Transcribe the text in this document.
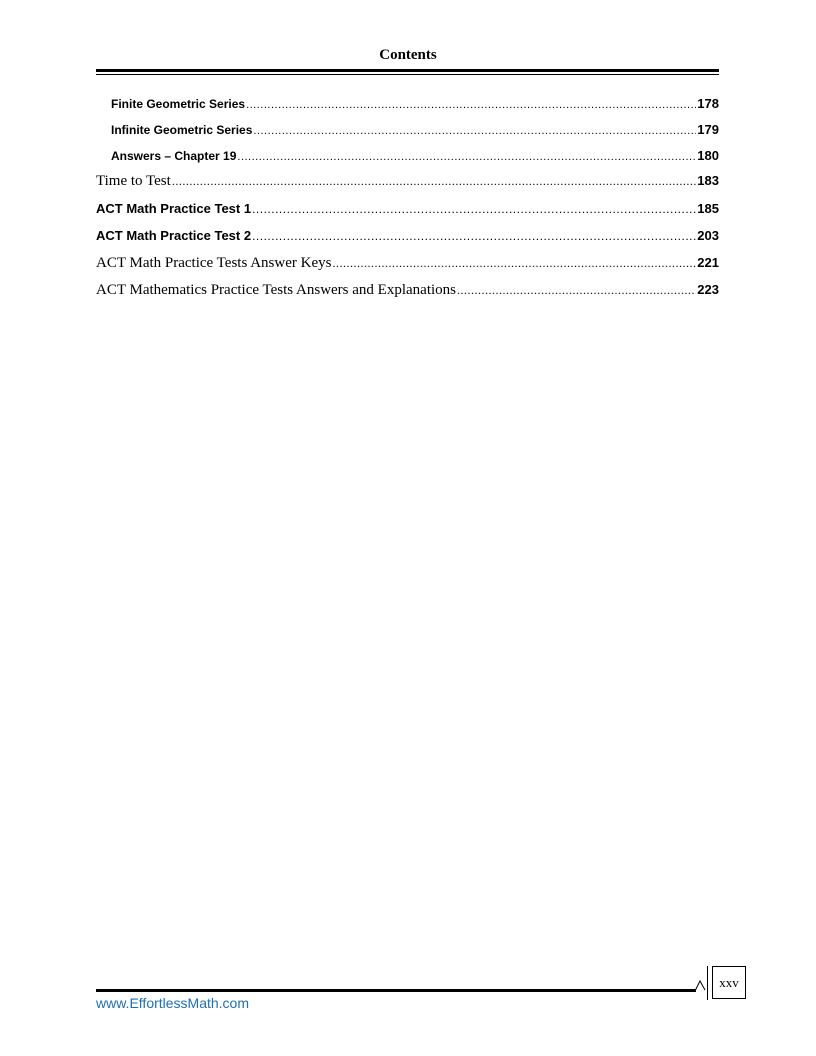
Contents
Finite Geometric Series .....	178
Infinite Geometric Series .....	179
Answers – Chapter 19 .....	180
Time to Test .....	183
ACT Math Practice Test 1 .....	185
ACT Math Practice Test 2 .....	203
ACT Math Practice Tests Answer Keys .....	221
ACT Mathematics Practice Tests Answers and Explanations .....	223
xxv
www.EffortlessMath.com
